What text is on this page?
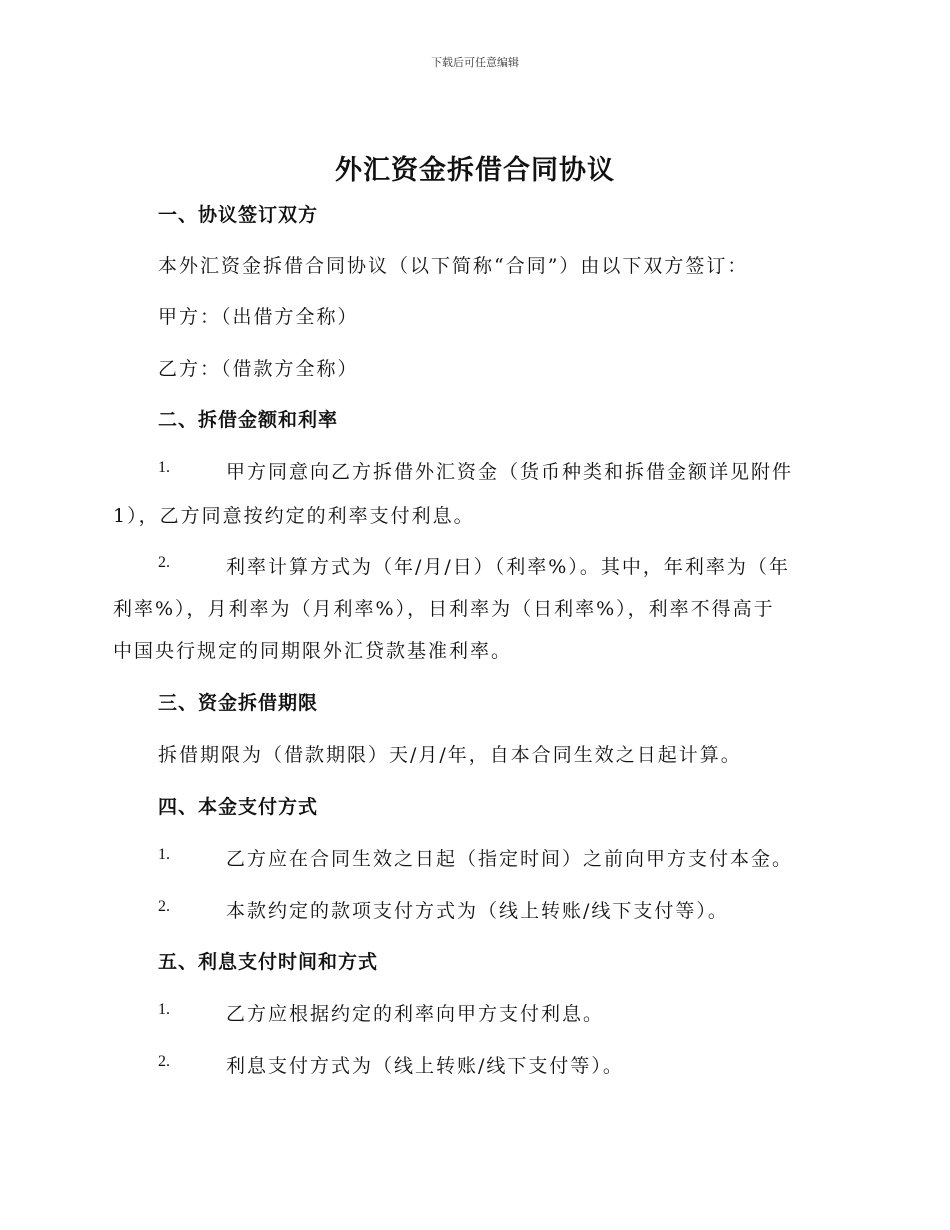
下载后可任意编辑
外汇资金拆借合同协议
一、协议签订双方
本外汇资金拆借合同协议（以下简称“合同”）由以下双方签订：
甲方：（出借方全称）
乙方：（借款方全称）
二、拆借金额和利率
1.	甲方同意向乙方拆借外汇资金（货币种类和拆借金额详见附件
1），乙方同意按约定的利率支付利息。
2.	利率计算方式为（年/月/日）（利率%）。其中，年利率为（年
利率%），月利率为（月利率%），日利率为（日利率%），利率不得高于
中国央行规定的同期限外汇贷款基准利率。
三、资金拆借期限
拆借期限为（借款期限）天/月/年，自本合同生效之日起计算。
四、本金支付方式
1.	乙方应在合同生效之日起（指定时间）之前向甲方支付本金。
2.	本款约定的款项支付方式为（线上转账/线下支付等）。
五、利息支付时间和方式
1.	乙方应根据约定的利率向甲方支付利息。
2.	利息支付方式为（线上转账/线下支付等）。
